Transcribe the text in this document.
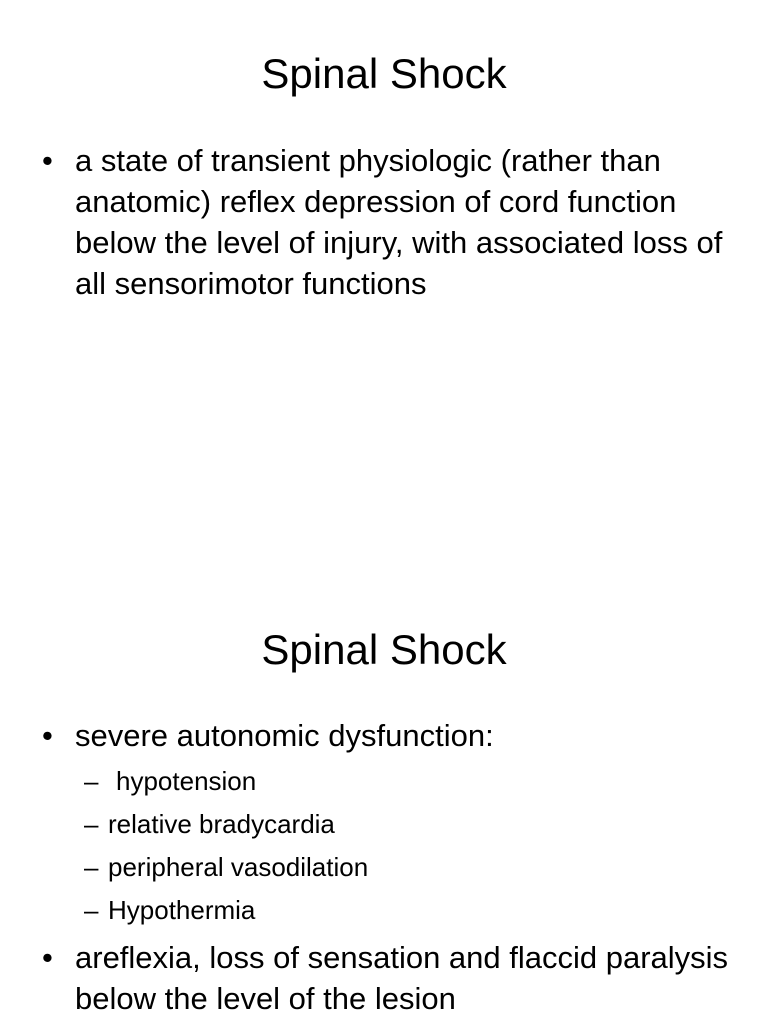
Spinal Shock
• a state of transient physiologic (rather than anatomic) reflex depression of cord function below the level of injury, with associated loss of all sensorimotor functions
Spinal Shock
• severe autonomic dysfunction:
– hypotension
– relative bradycardia
– peripheral vasodilation
– Hypothermia
• areflexia, loss of sensation and flaccid paralysis below the level of the lesion
